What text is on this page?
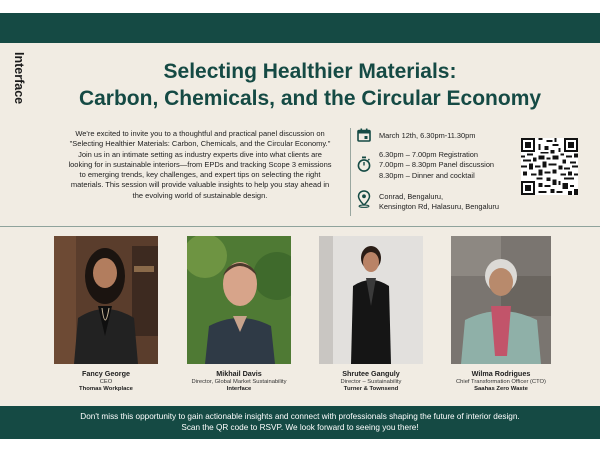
Interface	Selecting Healthier Materials:
Carbon, Chemicals, and the Circular Economy
We're excited to invite you to a thoughtful and practical panel discussion on
"Selecting Healthier Materials: Carbon, Chemicals, and the Circular Economy."
Join us in an intimate setting as industry experts dive into what clients are
looking for in sustainable interiors—from EPDs and tracking Scope 3 emissions
to emerging trends, key challenges, and expert tips on selecting the right
materials. This session will provide valuable insights to help you stay ahead in
the evolving world of sustainable design.
March 12th, 6.30pm-11.30pm
6.30pm – 7.00pm Registration
7.00pm – 8.30pm Panel discussion
8.30pm – Dinner and cocktail
Conrad, Bengaluru,
Kensington Rd, Halasuru, Bengaluru
Fancy George
CEO
Thomas Workplace
Mikhail Davis
Director, Global Market Sustainability
Interface
Shrutee Ganguly
Director – Sustainability
Turner & Townsend
Wilma Rodrigues
Chief Transformation Officer (CTO)
Saahas Zero Waste
Don't miss this opportunity to gain actionable insights and connect with professionals shaping the future of interior design.
Scan the QR code to RSVP. We look forward to seeing you there!
